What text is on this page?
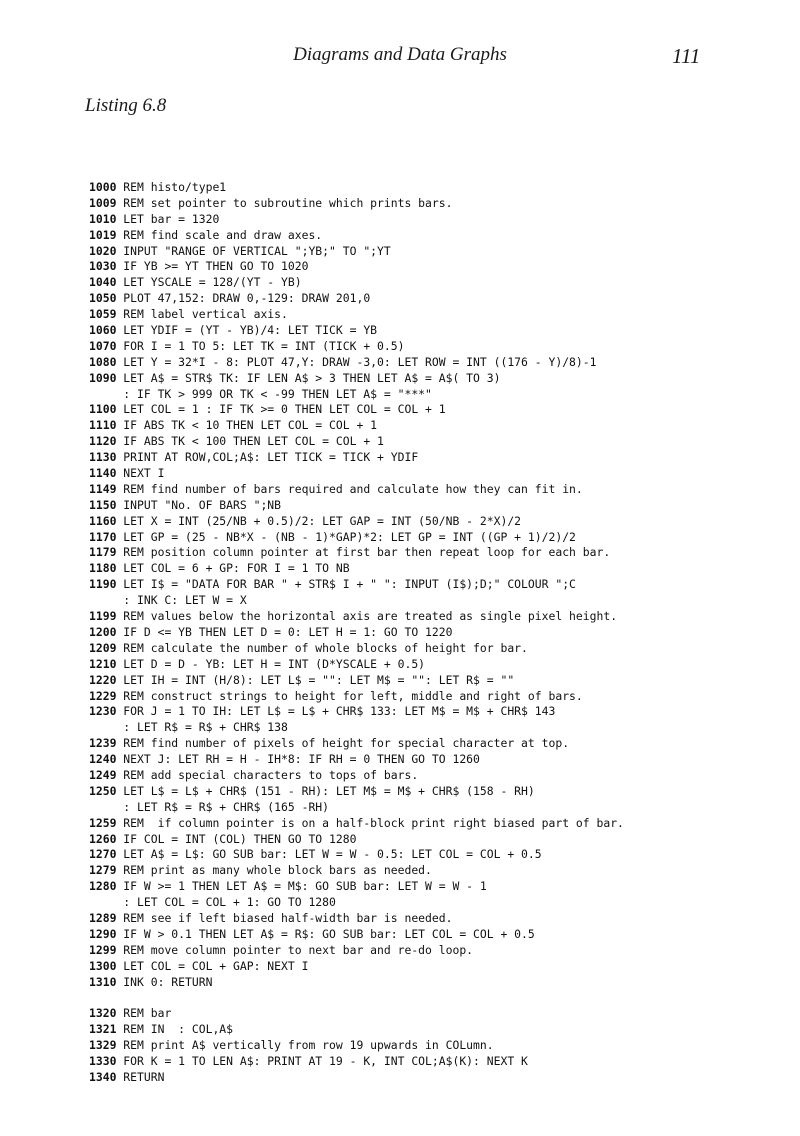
Diagrams and Data Graphs	111
Listing 6.8
1000 REM histo/type1
1009 REM set pointer to subroutine which prints bars.
1010 LET bar = 1320
1019 REM find scale and draw axes.
1020 INPUT "RANGE OF VERTICAL ";YB;" TO ";YT
1030 IF YB >= YT THEN GO TO 1020
1040 LET YSCALE = 128/(YT - YB)
1050 PLOT 47,152: DRAW 0,-129: DRAW 201,0
1059 REM label vertical axis.
1060 LET YDIF = (YT - YB)/4: LET TICK = YB
1070 FOR I = 1 TO 5: LET TK = INT (TICK + 0.5)
1080 LET Y = 32*I - 8: PLOT 47,Y: DRAW -3,0: LET ROW = INT ((176 - Y)/8)-1
1090 LET A$ = STR$ TK: IF LEN A$ > 3 THEN LET A$ = A$( TO 3)
: IF TK > 999 OR TK < -99 THEN LET A$ = "***"
1100 LET COL = 1 : IF TK >= 0 THEN LET COL = COL + 1
1110 IF ABS TK < 10 THEN LET COL = COL + 1
1120 IF ABS TK < 100 THEN LET COL = COL + 1
1130 PRINT AT ROW,COL;A$: LET TICK = TICK + YDIF
1140 NEXT I
1149 REM find number of bars required and calculate how they can fit in.
1150 INPUT "No. OF BARS ";NB
1160 LET X = INT (25/NB + 0.5)/2: LET GAP = INT (50/NB - 2*X)/2
1170 LET GP = (25 - NB*X - (NB - 1)*GAP)*2: LET GP = INT ((GP + 1)/2)/2
1179 REM position column pointer at first bar then repeat loop for each bar.
1180 LET COL = 6 + GP: FOR I = 1 TO NB
1190 LET I$ = "DATA FOR BAR " + STR$ I + " ": INPUT (I$);D;" COLOUR ";C
: INK C: LET W = X
1199 REM values below the horizontal axis are treated as single pixel height.
1200 IF D <= YB THEN LET D = 0: LET H = 1: GO TO 1220
1209 REM calculate the number of whole blocks of height for bar.
1210 LET D = D - YB: LET H = INT (D*YSCALE + 0.5)
1220 LET IH = INT (H/8): LET L$ = "": LET M$ = "": LET R$ = ""
1229 REM construct strings to height for left, middle and right of bars.
1230 FOR J = 1 TO IH: LET L$ = L$ + CHR$ 133: LET M$ = M$ + CHR$ 143
: LET R$ = R$ + CHR$ 138
1239 REM find number of pixels of height for special character at top.
1240 NEXT J: LET RH = H - IH*8: IF RH = 0 THEN GO TO 1260
1249 REM add special characters to tops of bars.
1250 LET L$ = L$ + CHR$ (151 - RH): LET M$ = M$ + CHR$ (158 - RH)
: LET R$ = R$ + CHR$ (165 -RH)
1259 REM  if column pointer is on a half-block print right biased part of bar.
1260 IF COL = INT (COL) THEN GO TO 1280
1270 LET A$ = L$: GO SUB bar: LET W = W - 0.5: LET COL = COL + 0.5
1279 REM print as many whole block bars as needed.
1280 IF W >= 1 THEN LET A$ = M$: GO SUB bar: LET W = W - 1
: LET COL = COL + 1: GO TO 1280
1289 REM see if left biased half-width bar is needed.
1290 IF W > 0.1 THEN LET A$ = R$: GO SUB bar: LET COL = COL + 0.5
1299 REM move column pointer to next bar and re-do loop.
1300 LET COL = COL + GAP: NEXT I
1310 INK 0: RETURN
1320 REM bar
1321 REM IN  : COL,A$
1329 REM print A$ vertically from row 19 upwards in COLumn.
1330 FOR K = 1 TO LEN A$: PRINT AT 19 - K, INT COL;A$(K): NEXT K
1340 RETURN
